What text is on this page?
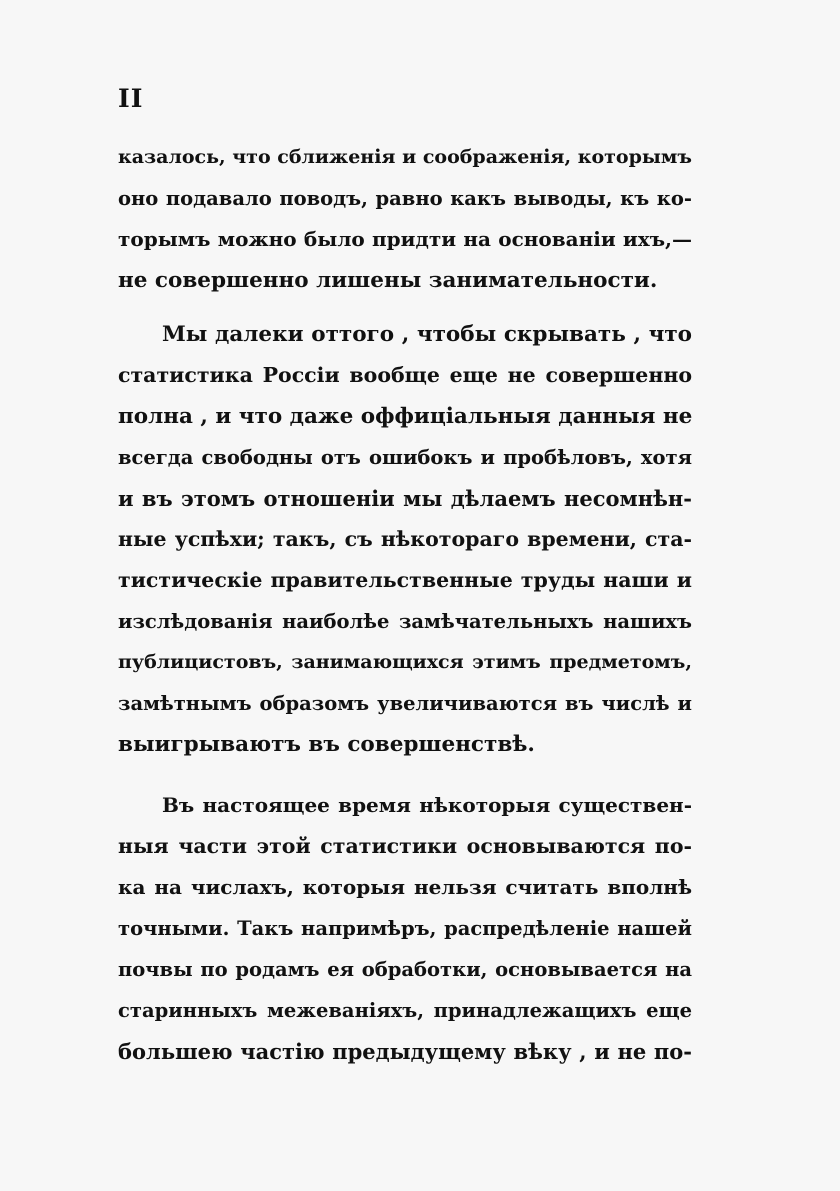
II
казалось, что сближенія и соображенія, которымъ
оно подавало поводъ, равно какъ выводы, къ ко-
торымъ можно было придти на основаніи ихъ,—
не совершенно лишены занимательности.
Мы далеки оттого , чтобы скрывать , что
статистика Россіи вообще еще не совершенно
полна , и что даже оффиціальныя данныя не
всегда свободны отъ ошибокъ и пробѣловъ, хотя
и въ этомъ отношеніи мы дѣлаемъ несомнѣн-
ные успѣхи; такъ, съ нѣкотораго времени, ста-
тистическіе правительственные труды наши и
изслѣдованія наиболѣе замѣчательныхъ нашихъ
публицистовъ, занимающихся этимъ предметомъ,
замѣтнымъ образомъ увеличиваются въ числѣ и
выигрываютъ въ совершенствѣ.
Въ настоящее время нѣкоторыя существен-
ныя части этой статистики основываются по-
ка на числахъ, которыя нельзя считать вполнѣ
точными. Такъ напримѣръ, распредѣленіе нашей
почвы по родамъ ея обработки, основывается на
старинныхъ межеваніяхъ, принадлежащихъ еще
большею частію предыдущему вѣку , и не по-
